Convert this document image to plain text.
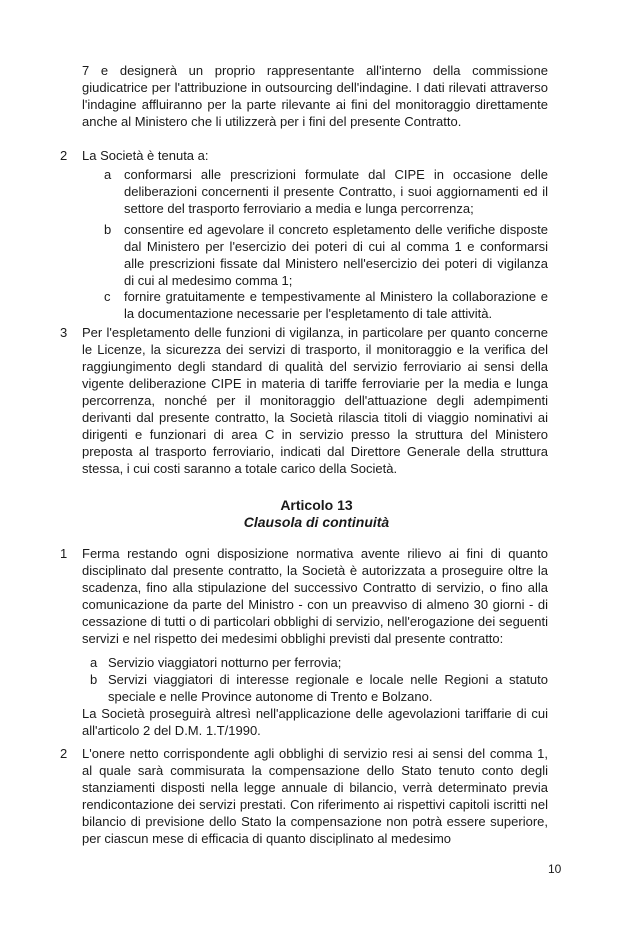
7 e designerà un proprio rappresentante all'interno della commissione giudicatrice per l'attribuzione in outsourcing dell'indagine. I dati rilevati attraverso l'indagine affluiranno per la parte rilevante ai fini del monitoraggio direttamente anche al Ministero che li utilizzerà per i fini del presente Contratto.

2 La Società è tenuta a:

a conformarsi alle prescrizioni formulate dal CIPE in occasione delle deliberazioni concernenti il presente Contratto, i suoi aggiornamenti ed il settore del trasporto ferroviario a media e lunga percorrenza;

b consentire ed agevolare il concreto espletamento delle verifiche disposte dal Ministero per l'esercizio dei poteri di cui al comma 1 e conformarsi alle prescrizioni fissate dal Ministero nell'esercizio dei poteri di vigilanza di cui al medesimo comma 1;

c fornire gratuitamente e tempestivamente al Ministero la collaborazione e la documentazione necessarie per l'espletamento di tale attività.

3 Per l'espletamento delle funzioni di vigilanza, in particolare per quanto concerne le Licenze, la sicurezza dei servizi di trasporto, il monitoraggio e la verifica del raggiungimento degli standard di qualità del servizio ferroviario ai sensi della vigente deliberazione CIPE in materia di tariffe ferroviarie per la media e lunga percorrenza, nonché per il monitoraggio dell'attuazione degli adempimenti derivanti dal presente contratto, la Società rilascia titoli di viaggio nominativi ai dirigenti e funzionari di area C in servizio presso la struttura del Ministero preposta al trasporto ferroviario, indicati dal Direttore Generale della struttura stessa, i cui costi saranno a totale carico della Società.

Articolo 13
Clausola di continuità
1 Ferma restando ogni disposizione normativa avente rilievo ai fini di quanto disciplinato dal presente contratto, la Società è autorizzata a proseguire oltre la scadenza, fino alla stipulazione del successivo Contratto di servizio, o fino alla comunicazione da parte del Ministro - con un preavviso di almeno 30 giorni - di cessazione di tutti o di particolari obblighi di servizio, nell'erogazione dei seguenti servizi e nel rispetto dei medesimi obblighi previsti dal presente contratto:

a Servizio viaggiatori notturno per ferrovia;

b Servizi viaggiatori di interesse regionale e locale nelle Regioni a statuto speciale e nelle Province autonome di Trento e Bolzano.

La Società proseguirà altresì nell'applicazione delle agevolazioni tariffarie di cui all'articolo 2 del D.M. 1.T/1990.

2 L'onere netto corrispondente agli obblighi di servizio resi ai sensi del comma 1, al quale sarà commisurata la compensazione dello Stato tenuto conto degli stanziamenti disposti nella legge annuale di bilancio, verrà determinato previa rendicontazione dei servizi prestati. Con riferimento ai rispettivi capitoli iscritti nel bilancio di previsione dello Stato la compensazione non potrà essere superiore, per ciascun mese di efficacia di quanto disciplinato al medesimo

10
